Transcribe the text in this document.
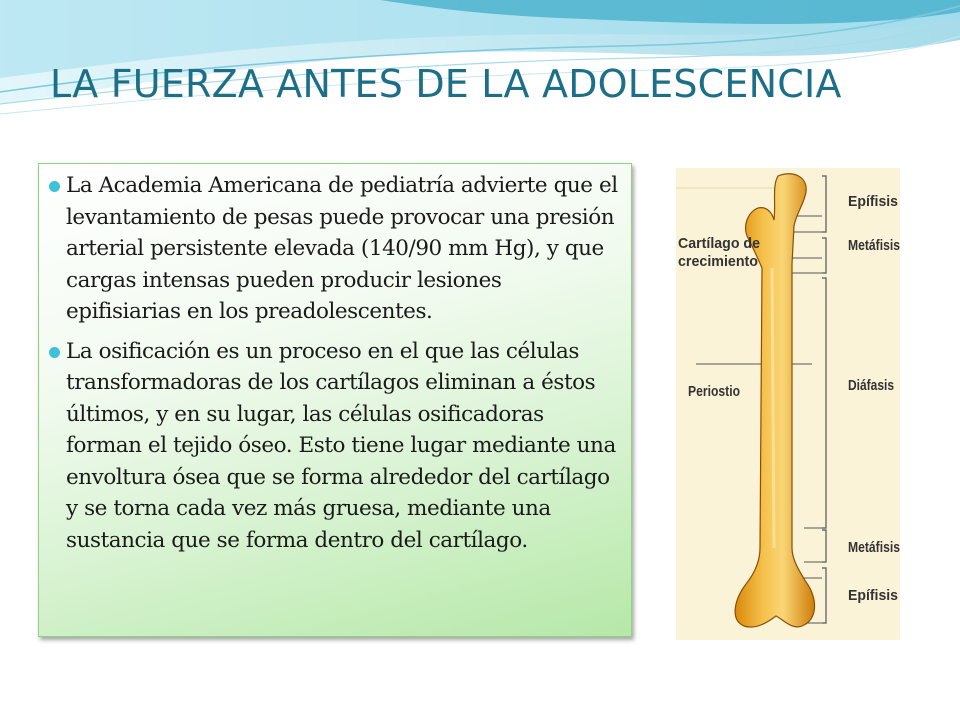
LA FUERZA ANTES DE LA ADOLESCENCIA
La Academia Americana de pediatría advierte que el levantamiento de pesas puede provocar una presión arterial persistente elevada (140/90 mm Hg), y que cargas intensas pueden producir lesiones epifisiarias en los preadolescentes.
La osificación es un proceso en el que las células transformadoras de los cartílagos eliminan a éstos últimos, y en su lugar, las células osificadoras forman el tejido óseo. Esto tiene lugar mediante una envoltura ósea que se forma alrededor del cartílago y se torna cada vez más gruesa, mediante una sustancia que se forma dentro del cartílago.
Cartílago de
crecimiento
Periostio
Epífisis
Metáfisis
Diáfasis
Metáfisis
Epífisis
